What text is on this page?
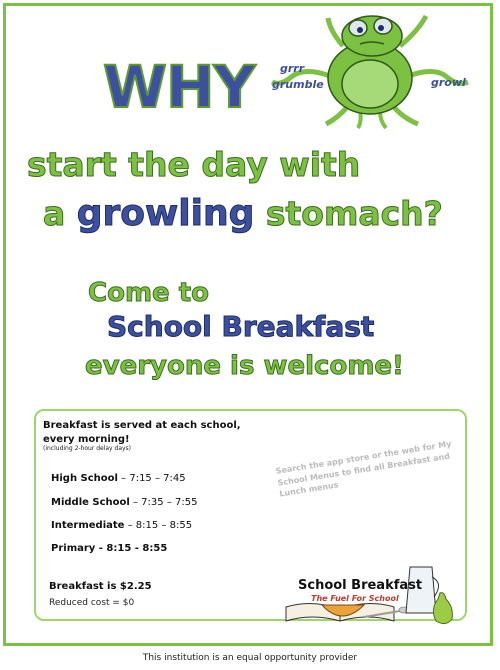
grrr
grumble	growl
WHY
start the day with
a growling stomach?
Come to
School Breakfast
everyone is welcome!
Breakfast is served at each school, every morning!
(including 2-hour delay days)
High School – 7:15 – 7:45
Middle School – 7:35 – 7:55
Intermediate – 8:15 – 8:55
Primary - 8:15 - 8:55
Breakfast is $2.25
Reduced cost = $0
Search the app store or the web for My School Menus to find all Breakfast and Lunch menus
School Breakfast
The Fuel For School
This institution is an equal opportunity provider
